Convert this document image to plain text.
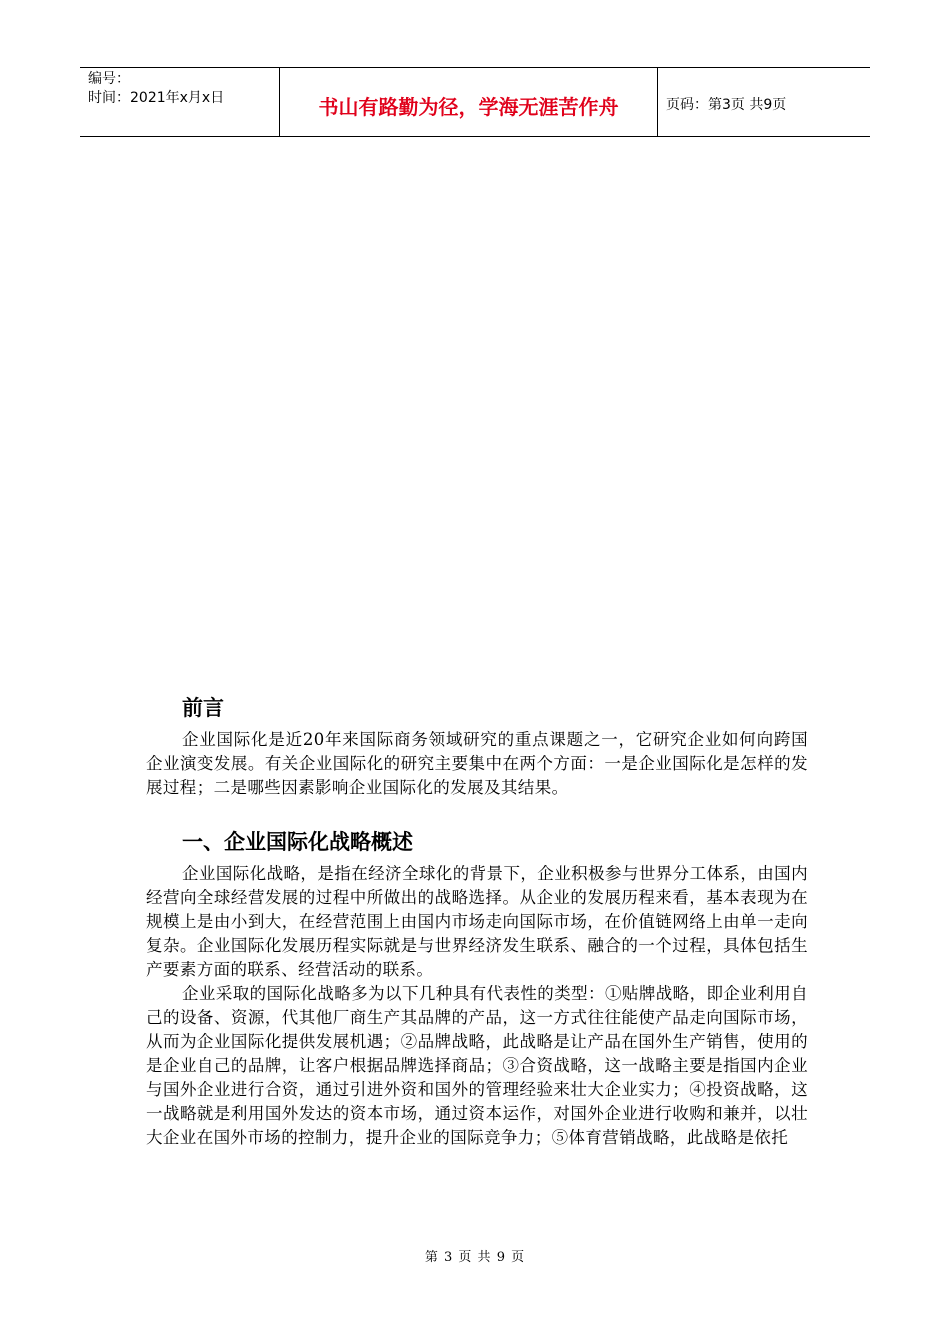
编号：
时间：2021年x月x日	书山有路勤为径，学海无涯苦作舟	页码：第3页 共9页
前言

企业国际化是近20年来国际商务领域研究的重点课题之一，它研究企业如何向跨国企业演变发展。有关企业国际化的研究主要集中在两个方面：一是企业国际化是怎样的发展过程；二是哪些因素影响企业国际化的发展及其结果。

一、企业国际化战略概述

企业国际化战略，是指在经济全球化的背景下，企业积极参与世界分工体系，由国内经营向全球经营发展的过程中所做出的战略选择。从企业的发展历程来看，基本表现为在规模上是由小到大，在经营范围上由国内市场走向国际市场，在价值链网络上由单一走向复杂。企业国际化发展历程实际就是与世界经济发生联系、融合的一个过程，具体包括生产要素方面的联系、经营活动的联系。

企业采取的国际化战略多为以下几种具有代表性的类型：①贴牌战略，即企业利用自己的设备、资源，代其他厂商生产其品牌的产品，这一方式往往能使产品走向国际市场，从而为企业国际化提供发展机遇；②品牌战略，此战略是让产品在国外生产销售，使用的是企业自己的品牌，让客户根据品牌选择商品；③合资战略，这一战略主要是指国内企业与国外企业进行合资，通过引进外资和国外的管理经验来壮大企业实力；④投资战略，这一战略就是利用国外发达的资本市场，通过资本运作，对国外企业进行收购和兼并，以壮大企业在国外市场的控制力，提升企业的国际竞争力；⑤体育营销战略，此战略是依托

第 3 页 共 9 页
